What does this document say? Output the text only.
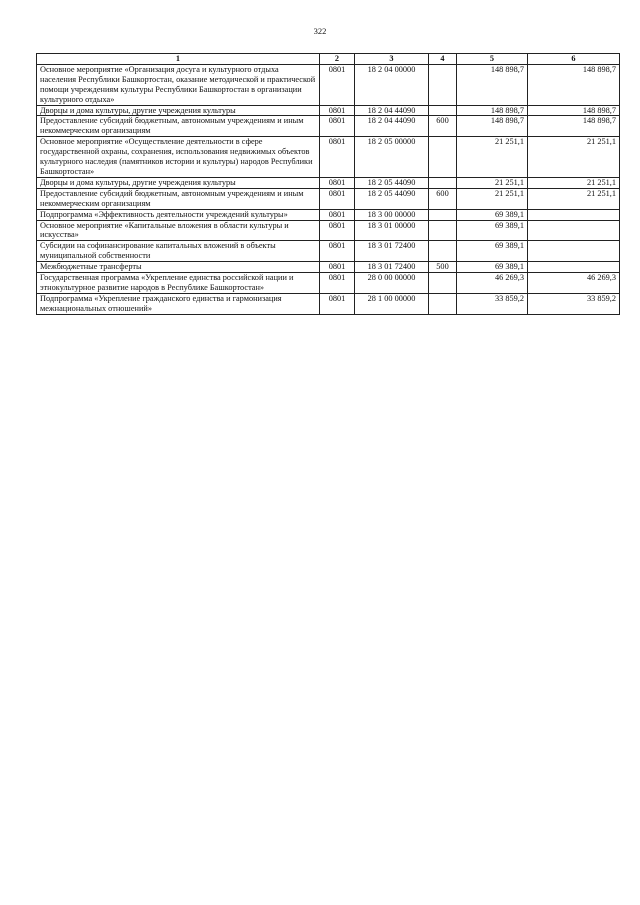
322
1	2	3	4	5	6
Основное мероприятие «Организация досуга и культурного отдыха населения Республики Башкортостан, оказание методической и практической помощи учреждениям культуры Республики Башкортостан в организации культурного отдыха»	0801	18 2 04 00000		148 898,7	148 898,7
Дворцы и дома культуры, другие учреждения культуры	0801	18 2 04 44090		148 898,7	148 898,7
Предоставление субсидий бюджетным, автономным учреждениям и иным некоммерческим организациям	0801	18 2 04 44090	600	148 898,7	148 898,7
Основное мероприятие «Осуществление деятельности в сфере государственной охраны, сохранения, использования недвижимых объектов культурного наследия (памятников истории и культуры) народов Республики Башкортостан»	0801	18 2 05 00000		21 251,1	21 251,1
Дворцы и дома культуры, другие учреждения культуры	0801	18 2 05 44090		21 251,1	21 251,1
Предоставление субсидий бюджетным, автономным учреждениям и иным некоммерческим организациям	0801	18 2 05 44090	600	21 251,1	21 251,1
Подпрограмма «Эффективность деятельности учреждений культуры»	0801	18 3 00 00000		69 389,1	
Основное мероприятие «Капитальные вложения в области культуры и искусства»	0801	18 3 01 00000		69 389,1	
Субсидии на софинансирование капитальных вложений в объекты муниципальной собственности	0801	18 3 01 72400		69 389,1	
Межбюджетные трансферты	0801	18 3 01 72400	500	69 389,1	
Государственная программа «Укрепление единства российской нации и этнокультурное развитие народов в Республике Башкортостан»	0801	28 0 00 00000		46 269,3	46 269,3
Подпрограмма «Укрепление гражданского единства и гармонизация межнациональных отношений»	0801	28 1 00 00000		33 859,2	33 859,2
